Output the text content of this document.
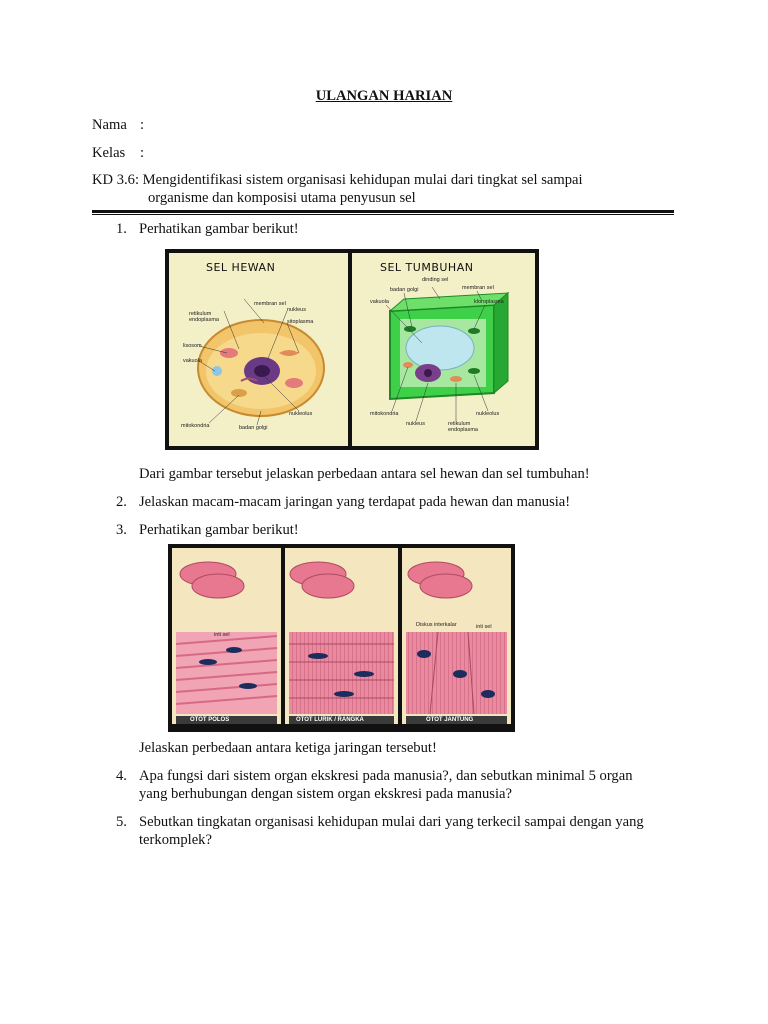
ULANGAN HARIAN
Nama :
Kelas :
KD 3.6: Mengidentifikasi sistem organisasi kehidupan mulai dari tingkat sel sampai
organisme dan komposisi utama penyusun sel
1. Perhatikan gambar berikut!
SEL HEWAN
membran sel
retikulum endoplasma
nukleus
sitoplasma
lisosom
vakuola
nukleolus
mitokondria	badan golgi
SEL TUMBUHAN
dinding sel
badan golgi	membran sel
vakuola	kloroplasma
mitokondria	nukleolus
nukleus	retikulum endoplasma
Dari gambar tersebut jelaskan perbedaan antara sel hewan dan sel tumbuhan!
2. Jelaskan macam-macam jaringan yang terdapat pada hewan dan manusia!
3. Perhatikan gambar berikut!
OTOT POLOS	OTOT LURIK / RANGKA	OTOT JANTUNG
inti sel
Diskus interkalar	inti sel
Jelaskan perbedaan antara ketiga jaringan tersebut!
4. Apa fungsi dari sistem organ ekskresi pada manusia?, dan sebutkan minimal 5 organ
yang berhubungan dengan sistem organ ekskresi pada manusia?
5. Sebutkan tingkatan organisasi kehidupan mulai dari yang terkecil sampai dengan yang
terkomplek?
